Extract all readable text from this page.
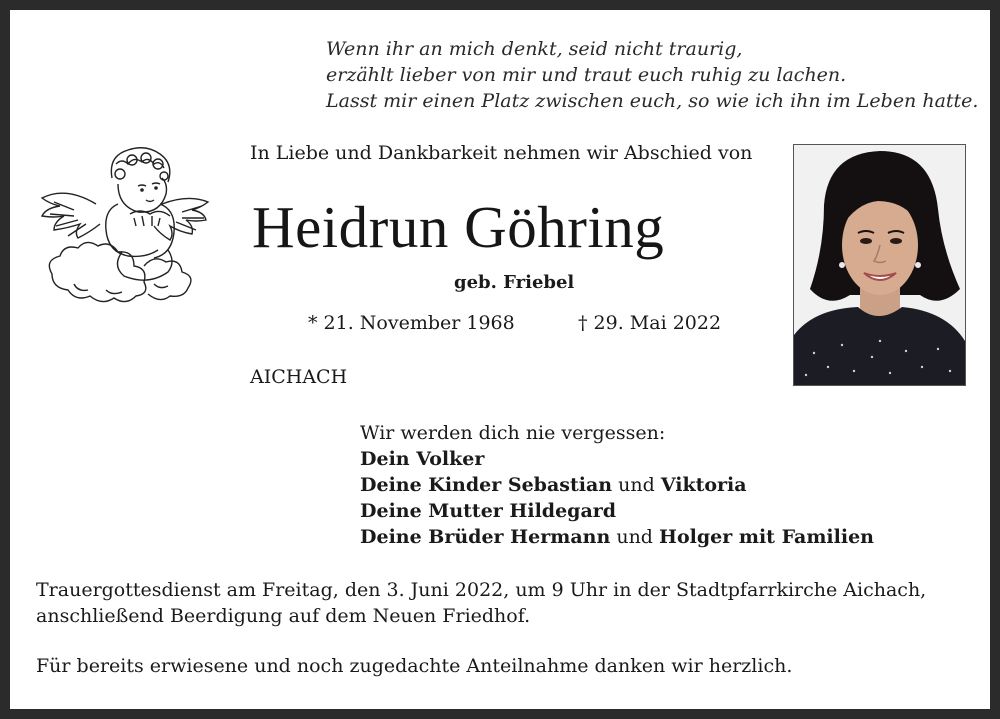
Wenn ihr an mich denkt, seid nicht traurig,
erzählt lieber von mir und traut euch ruhig zu lachen.
Lasst mir einen Platz zwischen euch, so wie ich ihn im Leben hatte.
In Liebe und Dankbarkeit nehmen wir Abschied von
Heidrun Göhring
geb. Friebel
* 21. November 1968	† 29. Mai 2022
AICHACH
Wir werden dich nie vergessen:
Dein Volker
Deine Kinder Sebastian und Viktoria
Deine Mutter Hildegard
Deine Brüder Hermann und Holger mit Familien
Trauergottesdienst am Freitag, den 3. Juni 2022, um 9 Uhr in der Stadtpfarrkirche Aichach,
anschließend Beerdigung auf dem Neuen Friedhof.
Für bereits erwiesene und noch zugedachte Anteilnahme danken wir herzlich.
